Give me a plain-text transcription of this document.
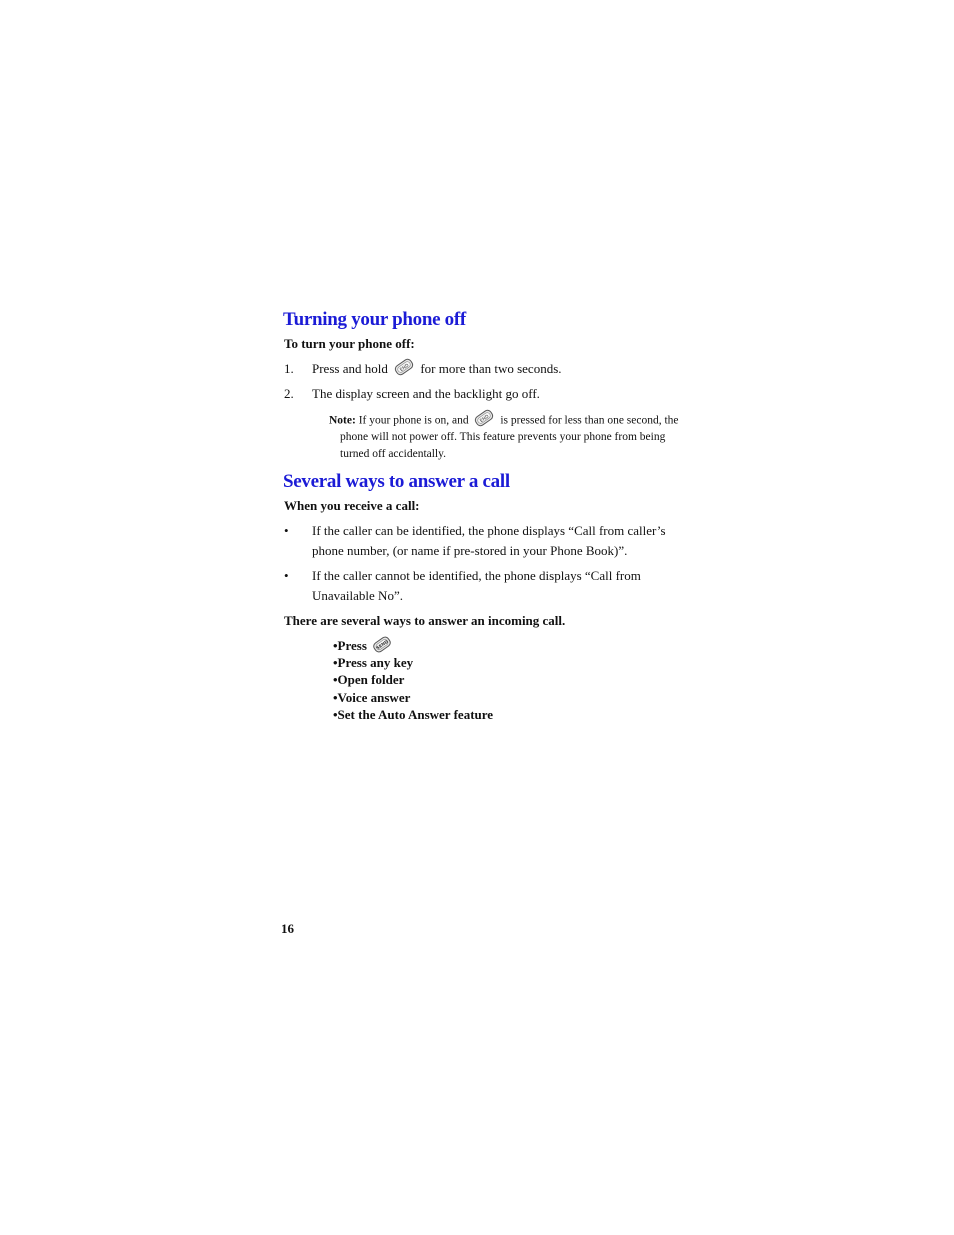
Turning your phone off
To turn your phone off:
1. Press and hold	END for more than two seconds.
2. The display screen and the backlight go off.
Note: If your phone is on, and	END is pressed for less than one second, the
phone will not power off. This feature prevents your phone from being
turned off accidentally.
Several ways to answer a call
When you receive a call:
• If the caller can be identified, the phone displays “Call from caller’s
phone number, (or name if pre-stored in your Phone Book)”.
• If the caller cannot be identified, the phone displays “Call from
Unavailable No”.
There are several ways to answer an incoming call.
•Press SEND
•Press any key
•Open folder
•Voice answer
•Set the Auto Answer feature
16
